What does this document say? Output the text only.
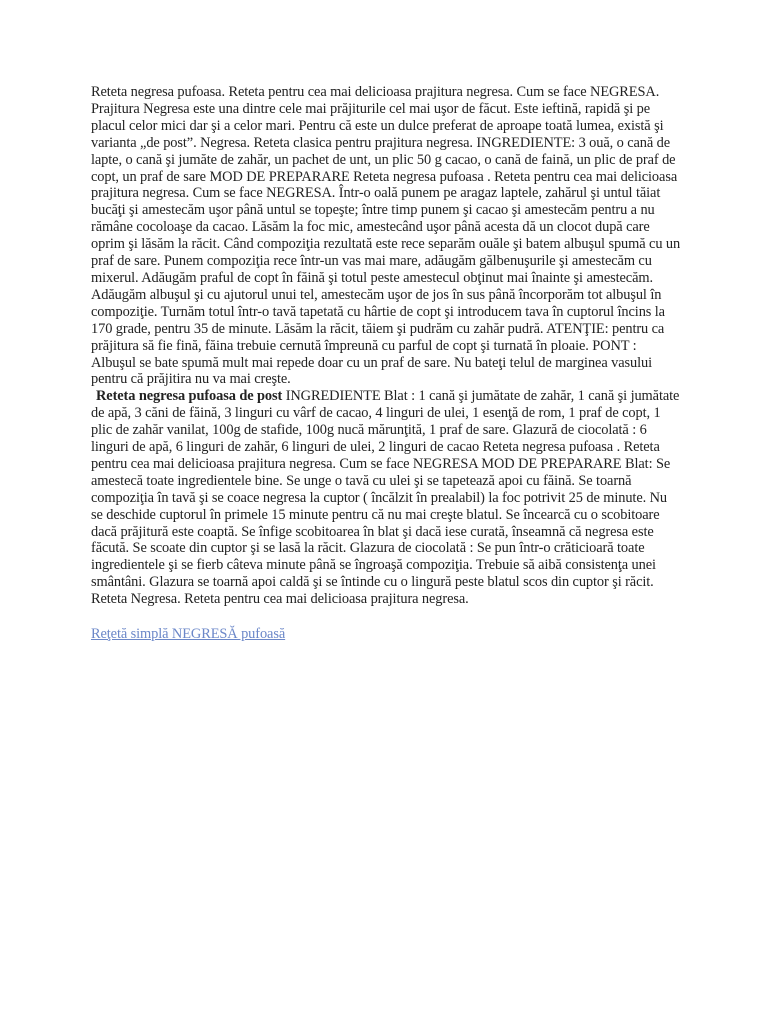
Reteta negresa pufoasa. Reteta pentru cea mai delicioasa prajitura negresa. Cum se face NEGRESA. Prajitura Negresa este una dintre cele mai prăjiturile cel mai uşor de făcut. Este ieftină, rapidă şi pe placul celor mici dar şi a celor mari. Pentru că este un dulce preferat de aproape toată lumea, există şi varianta „de post”. Negresa. Reteta clasica pentru prajitura negresa. INGREDIENTE: 3 ouă, o cană de lapte, o cană şi jumăte de zahăr, un pachet de unt, un plic 50 g cacao, o cană de faină, un plic de praf de copt, un praf de sare MOD DE PREPARARE Reteta negresa pufoasa . Reteta pentru cea mai delicioasa prajitura negresa. Cum se face NEGRESA. Într-o oală punem pe aragaz laptele, zahărul şi untul tăiat bucăţi şi amestecăm uşor până untul se topeşte; între timp punem şi cacao şi amestecăm pentru a nu rămâne cocoloaşe da cacao. Lăsăm la foc mic, amestecând uşor până acesta dă un clocot după care oprim şi lăsăm la răcit. Când compoziţia rezultată este rece separăm ouăle şi batem albuşul spumă cu un praf de sare. Punem compoziţia rece într-un vas mai mare, adăugăm gălbenuşurile şi amestecăm cu mixerul. Adăugăm praful de copt în făină şi totul peste amestecul obţinut mai înainte şi amestecăm. Adăugăm albuşul şi cu ajutorul unui tel, amestecăm uşor de jos în sus până încorporăm tot albuşul în compoziţie. Turnăm totul într-o tavă tapetată cu hârtie de copt şi introducem tava în cuptorul încins la 170 grade, pentru 35 de minute. Lăsăm la răcit, tăiem şi pudrăm cu zahăr pudră. ATENŢIE: pentru ca prăjitura să fie fină, făina trebuie cernută împreună cu parful de copt şi turnată în ploaie. PONT : Albuşul se bate spumă mult mai repede doar cu un praf de sare. Nu bateţi telul de marginea vasului pentru că prăjitira nu va mai creşte.

Reteta negresa pufoasa de post INGREDIENTE Blat : 1 cană şi jumătate de zahăr, 1 cană şi jumătate de apă, 3 căni de făină, 3 linguri cu vârf de cacao, 4 linguri de ulei, 1 esenţă de rom, 1 praf de copt, 1 plic de zahăr vanilat, 100g de stafide, 100g nucă mărunţită, 1 praf de sare. Glazură de ciocolată : 6 linguri de apă, 6 linguri de zahăr, 6 linguri de ulei, 2 linguri de cacao Reteta negresa pufoasa . Reteta pentru cea mai delicioasa prajitura negresa. Cum se face NEGRESA MOD DE PREPARARE Blat: Se amestecă toate ingredientele bine. Se unge o tavă cu ulei şi se tapetează apoi cu făină. Se toarnă compoziţia în tavă şi se coace negresa la cuptor ( încălzit în prealabil) la foc potrivit 25 de minute. Nu se deschide cuptorul în primele 15 minute pentru că nu mai creşte blatul. Se încearcă cu o scobitoare dacă prăjitură este coaptă. Se înfige scobitoarea în blat şi dacă iese curată, înseamnă că negresa este făcută. Se scoate din cuptor şi se lasă la răcit. Glazura de ciocolată : Se pun într-o crăticioară toate ingredientele şi se fierb câteva minute până se îngroaşă compoziţia. Trebuie să aibă consistenţa unei smântâni. Glazura se toarnă apoi caldă şi se întinde cu o lingură peste blatul scos din cuptor şi răcit. Reteta Negresa. Reteta pentru cea mai delicioasa prajitura negresa.

Reţetă simplă NEGRESĂ pufoasă
